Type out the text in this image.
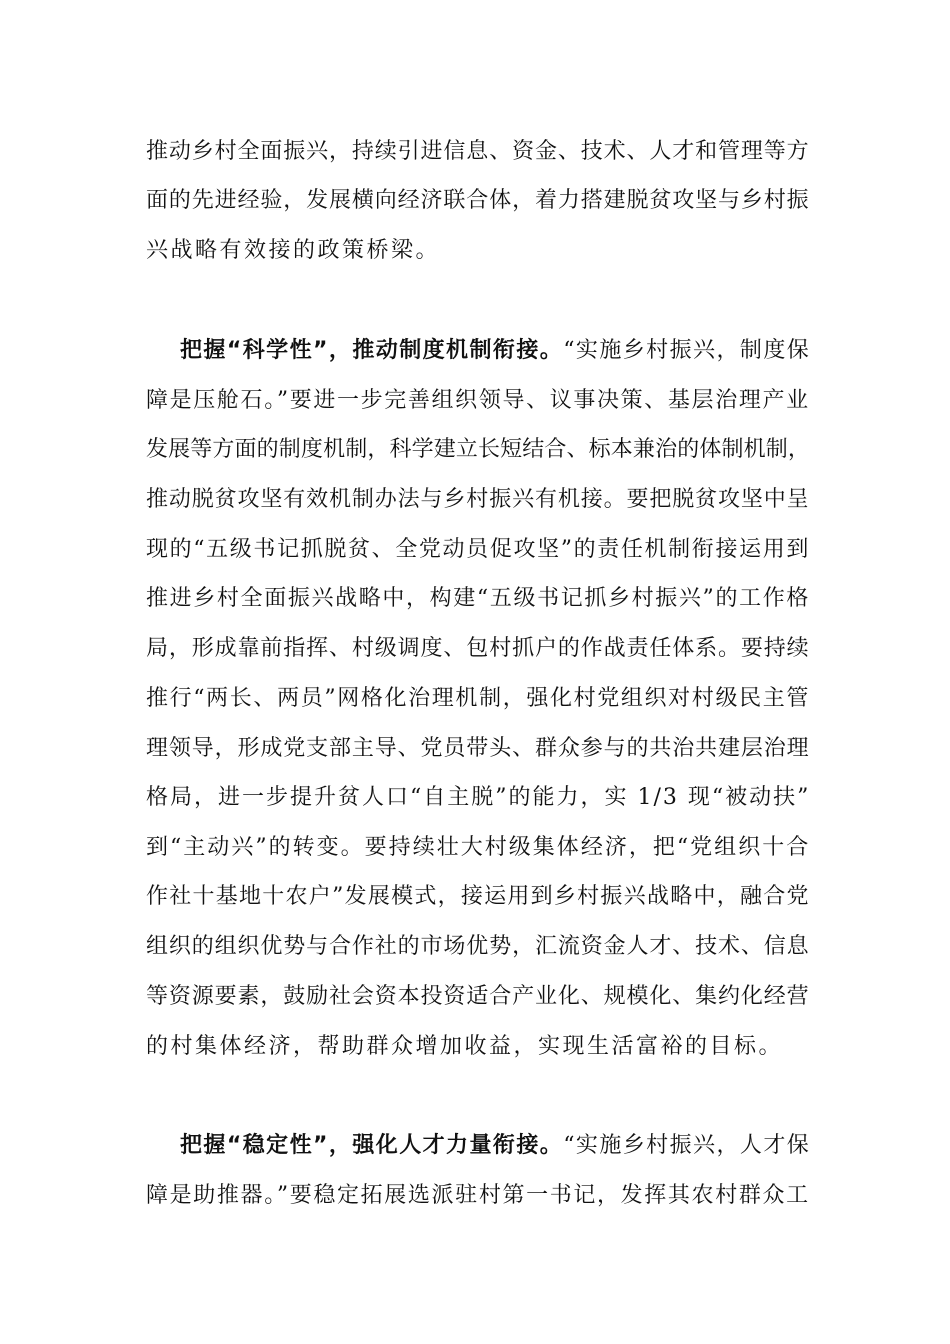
推动乡村全面振兴，持续引进信息、资金、技术、人才和管理等方

面的先进经验，发展横向经济联合体，着力搭建脱贫攻坚与乡村振

兴战略有效接的政策桥梁。

把握“科学性”，推动制度机制衔接。“实施乡村振兴，制度保

障是压舱石。”要进一步完善组织领导、议事决策、基层治理产业

发展等方面的制度机制，科学建立长短结合、标本兼治的体制机制，

推动脱贫攻坚有效机制办法与乡村振兴有机接。要把脱贫攻坚中呈

现的“五级书记抓脱贫、全党动员促攻坚”的责任机制衔接运用到

推进乡村全面振兴战略中，构建“五级书记抓乡村振兴”的工作格

局，形成靠前指挥、村级调度、包村抓户的作战责任体系。要持续

推行“两长、两员”网格化治理机制，强化村党组织对村级民主管

理领导，形成党支部主导、党员带头、群众参与的共治共建层治理

格局，进一步提升贫人口“自主脱”的能力，实 1/3 现“被动扶”

到“主动兴”的转变。要持续壮大村级集体经济，把“党组织十合

作社十基地十农户”发展模式，接运用到乡村振兴战略中，融合党

组织的组织优势与合作社的市场优势，汇流资金人才、技术、信息

等资源要素，鼓励社会资本投资适合产业化、规模化、集约化经营

的村集体经济，帮助群众增加收益，实现生活富裕的目标。

把握“稳定性”，强化人才力量衔接。“实施乡村振兴，人才保

障是助推器。”要稳定拓展选派驻村第一书记，发挥其农村群众工
